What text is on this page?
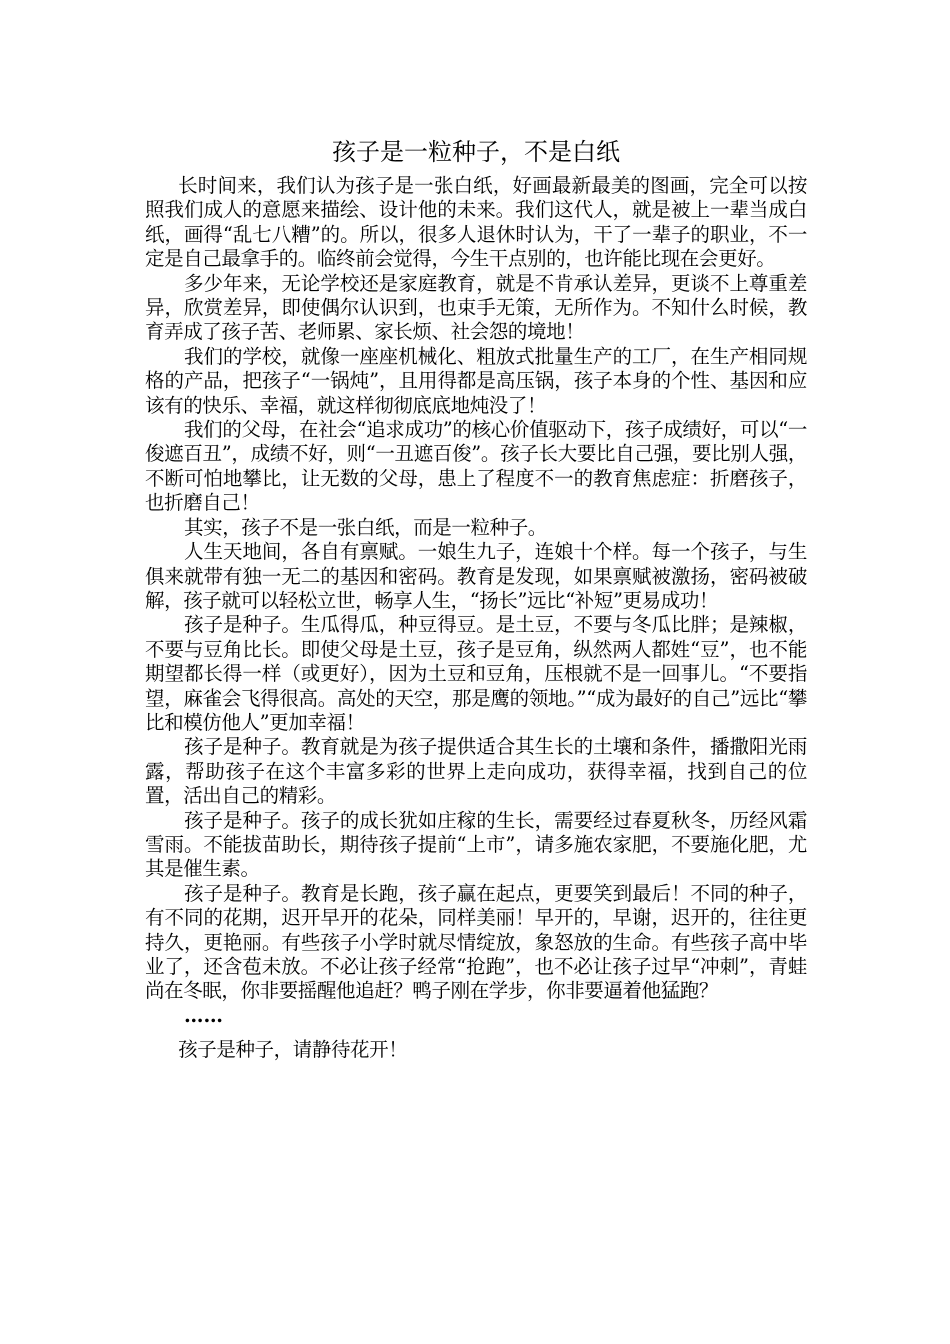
孩子是一粒种子，不是白纸

长时间来，我们认为孩子是一张白纸，好画最新最美的图画，完全可以按照我们成人的意愿来描绘、设计他的未来。我们这代人，就是被上一辈当成白纸，画得“乱七八糟”的。所以，很多人退休时认为，干了一辈子的职业，不一定是自己最拿手的。临终前会觉得，今生干点别的，也许能比现在会更好。

多少年来，无论学校还是家庭教育，就是不肯承认差异，更谈不上尊重差异，欣赏差异，即使偶尔认识到，也束手无策，无所作为。不知什么时候，教育弄成了孩子苦、老师累、家长烦、社会怨的境地！

我们的学校，就像一座座机械化、粗放式批量生产的工厂，在生产相同规格的产品，把孩子“一锅炖”，且用得都是高压锅，孩子本身的个性、基因和应该有的快乐、幸福，就这样彻彻底底地炖没了！

我们的父母，在社会“追求成功”的核心价值驱动下，孩子成绩好，可以“一俊遮百丑”，成绩不好，则“一丑遮百俊”。孩子长大要比自己强，要比别人强，不断可怕地攀比，让无数的父母，患上了程度不一的教育焦虑症：折磨孩子，也折磨自己！

其实，孩子不是一张白纸，而是一粒种子。

人生天地间，各自有禀赋。一娘生九子，连娘十个样。每一个孩子，与生俱来就带有独一无二的基因和密码。教育是发现，如果禀赋被激扬，密码被破解，孩子就可以轻松立世，畅享人生，“扬长”远比“补短”更易成功！

孩子是种子。生瓜得瓜，种豆得豆。是土豆，不要与冬瓜比胖；是辣椒，不要与豆角比长。即使父母是土豆，孩子是豆角，纵然两人都姓“豆”，也不能期望都长得一样（或更好），因为土豆和豆角，压根就不是一回事儿。“不要指望，麻雀会飞得很高。高处的天空，那是鹰的领地。”“成为最好的自己”远比“攀比和模仿他人”更加幸福！

孩子是种子。教育就是为孩子提供适合其生长的土壤和条件，播撒阳光雨露，帮助孩子在这个丰富多彩的世界上走向成功，获得幸福，找到自己的位置，活出自己的精彩。

孩子是种子。孩子的成长犹如庄稼的生长，需要经过春夏秋冬，历经风霜雪雨。不能拔苗助长，期待孩子提前“上市”，请多施农家肥，不要施化肥，尤其是催生素。

孩子是种子。教育是长跑，孩子赢在起点，更要笑到最后！不同的种子，有不同的花期，迟开早开的花朵，同样美丽！早开的，早谢，迟开的，往往更持久，更艳丽。有些孩子小学时就尽情绽放，象怒放的生命。有些孩子高中毕业了，还含苞未放。不必让孩子经常“抢跑”，也不必让孩子过早“冲刺”，青蛙尚在冬眠，你非要摇醒他追赶？鸭子刚在学步，你非要逼着他猛跑？

……

孩子是种子，请静待花开！
